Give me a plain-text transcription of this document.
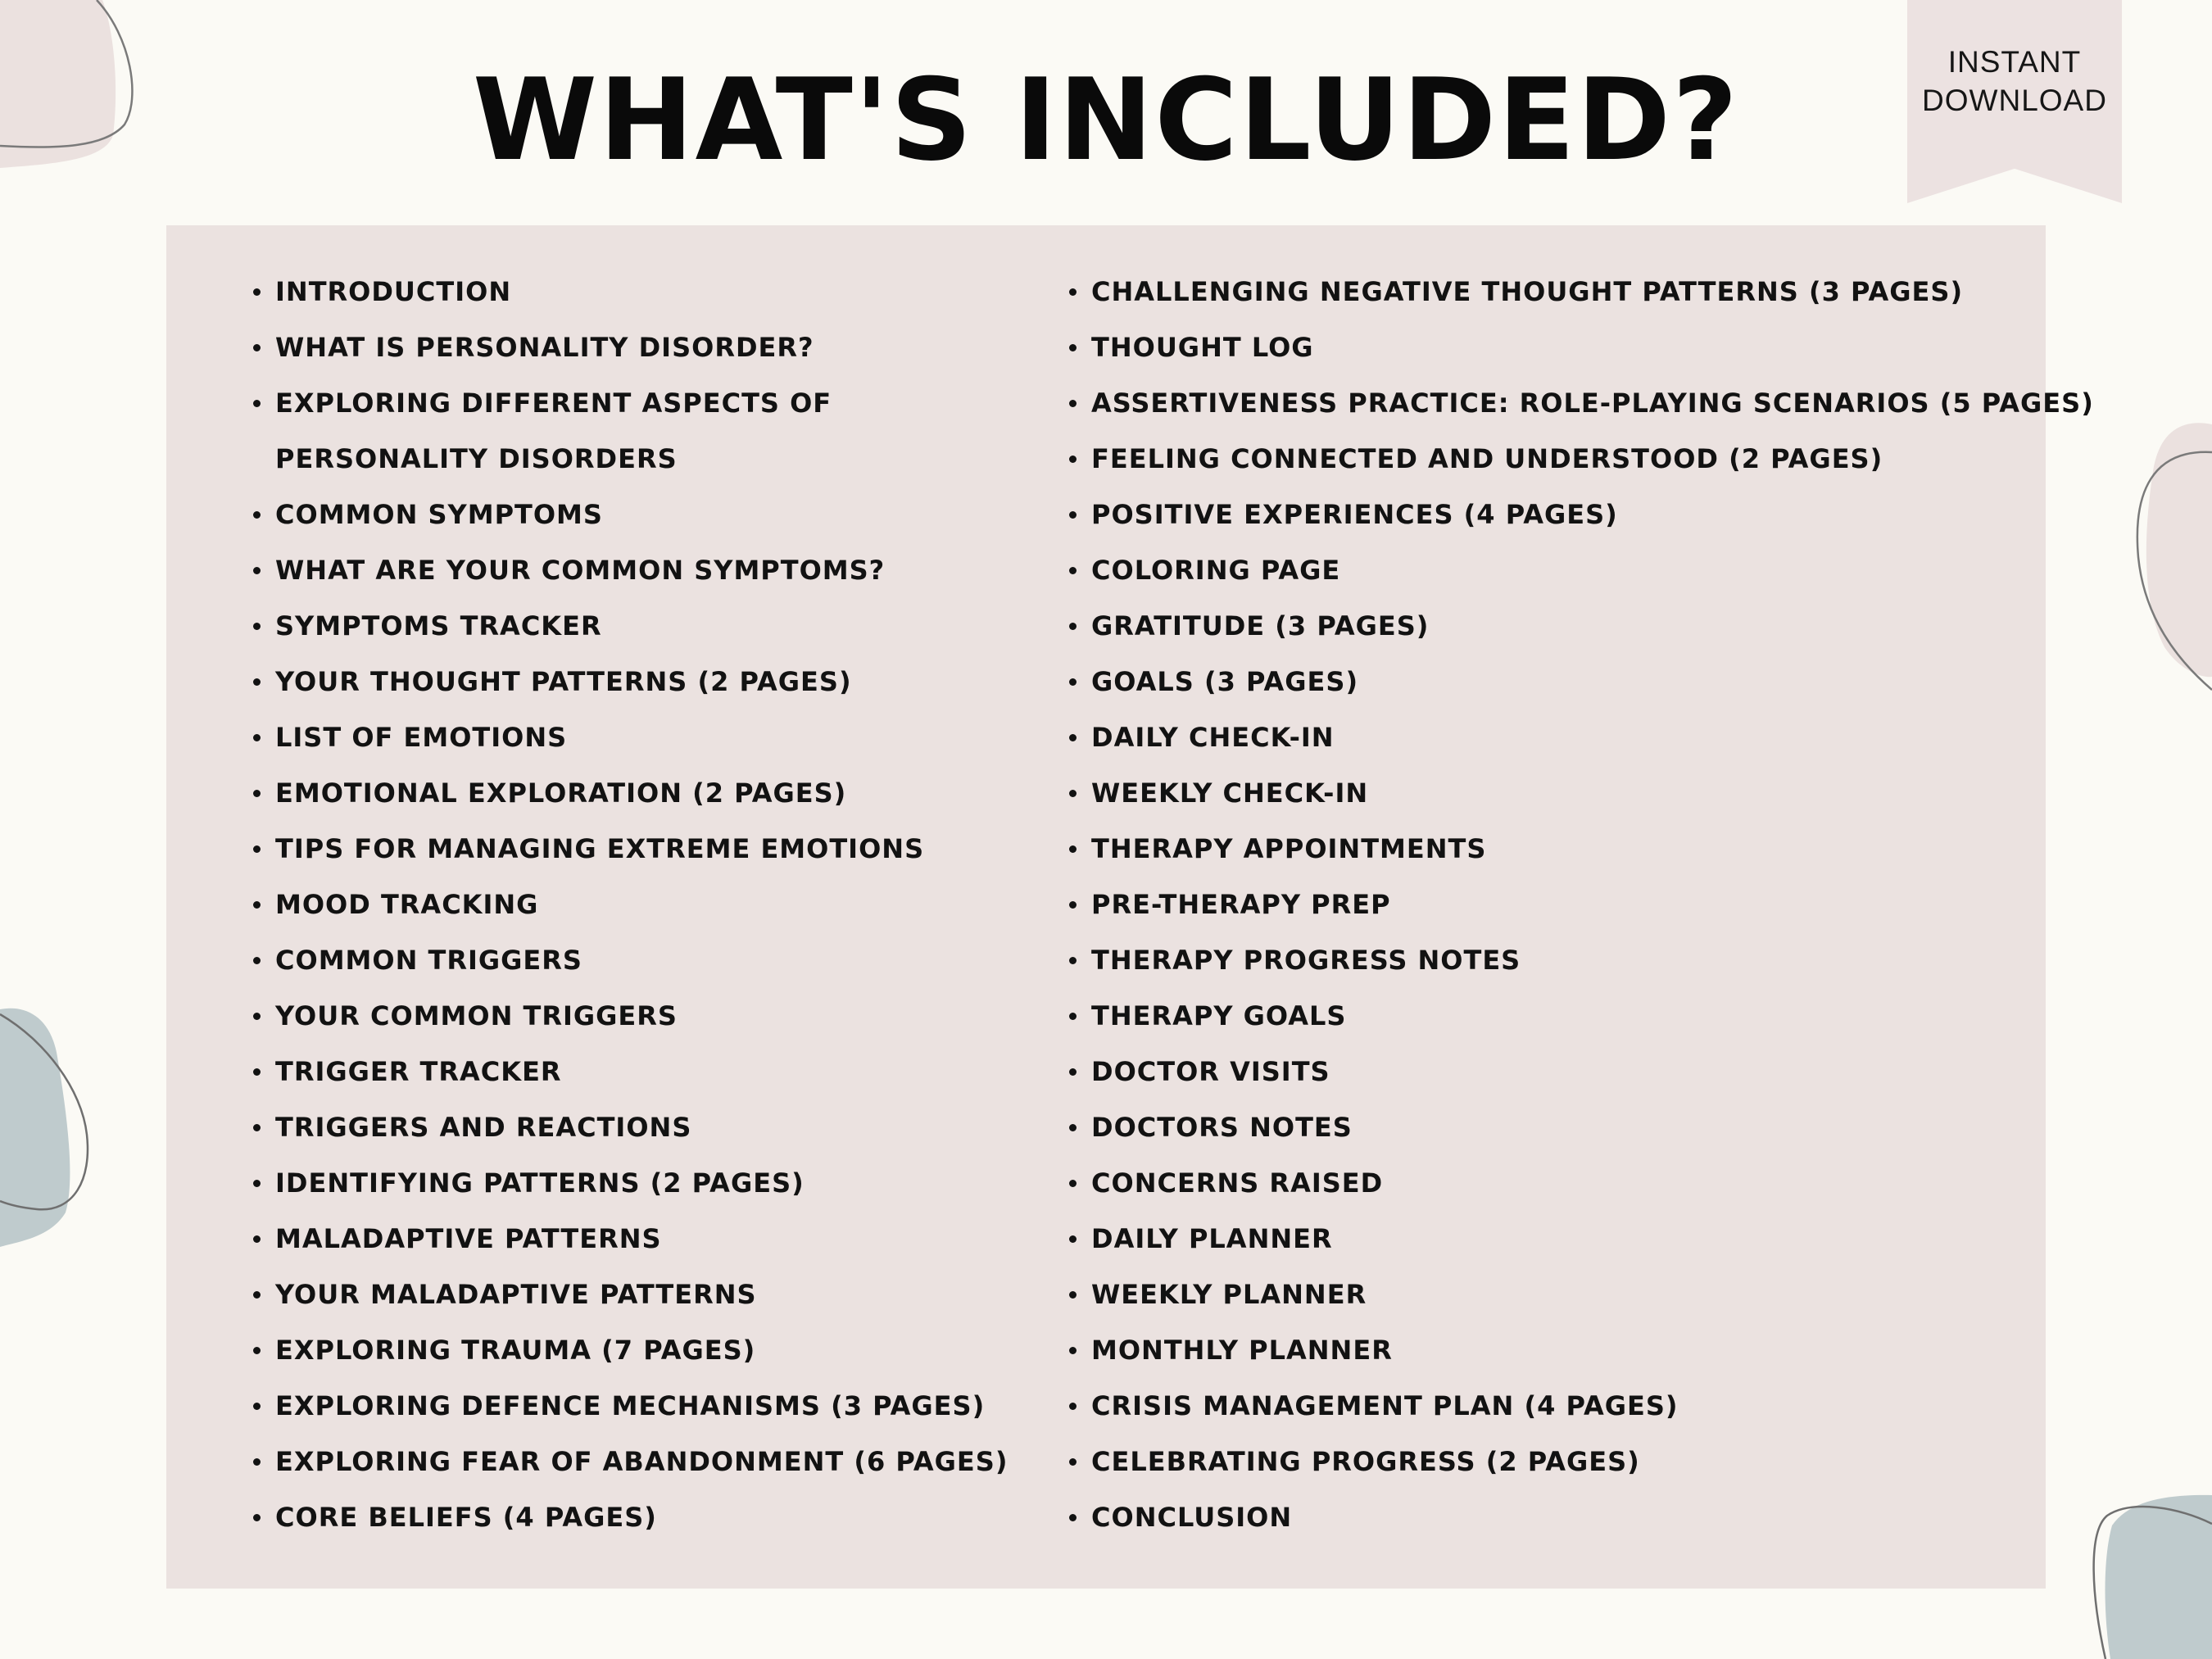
INSTANT
DOWNLOAD
WHAT'S INCLUDED?
INTRODUCTION
WHAT IS PERSONALITY DISORDER?
EXPLORING DIFFERENT ASPECTS OF PERSONALITY DISORDERS
COMMON SYMPTOMS
WHAT ARE YOUR COMMON SYMPTOMS?
SYMPTOMS TRACKER
YOUR THOUGHT PATTERNS (2 PAGES)
LIST OF EMOTIONS
EMOTIONAL EXPLORATION (2 PAGES)
TIPS FOR MANAGING EXTREME EMOTIONS
MOOD TRACKING
COMMON TRIGGERS
YOUR COMMON TRIGGERS
TRIGGER TRACKER
TRIGGERS AND REACTIONS
IDENTIFYING PATTERNS (2 PAGES)
MALADAPTIVE PATTERNS
YOUR MALADAPTIVE PATTERNS
EXPLORING TRAUMA (7 PAGES)
EXPLORING DEFENCE MECHANISMS (3 PAGES)
EXPLORING FEAR OF ABANDONMENT (6 PAGES)
CORE BELIEFS (4 PAGES)
CHALLENGING NEGATIVE THOUGHT PATTERNS (3 PAGES)
THOUGHT LOG
ASSERTIVENESS PRACTICE: ROLE-PLAYING SCENARIOS (5 PAGES)
FEELING CONNECTED AND UNDERSTOOD (2 PAGES)
POSITIVE EXPERIENCES (4 PAGES)
COLORING PAGE
GRATITUDE (3 PAGES)
GOALS (3 PAGES)
DAILY CHECK-IN
WEEKLY CHECK-IN
THERAPY APPOINTMENTS
PRE-THERAPY PREP
THERAPY PROGRESS NOTES
THERAPY GOALS
DOCTOR VISITS
DOCTORS NOTES
CONCERNS RAISED
DAILY PLANNER
WEEKLY PLANNER
MONTHLY PLANNER
CRISIS MANAGEMENT PLAN (4 PAGES)
CELEBRATING PROGRESS (2 PAGES)
CONCLUSION
